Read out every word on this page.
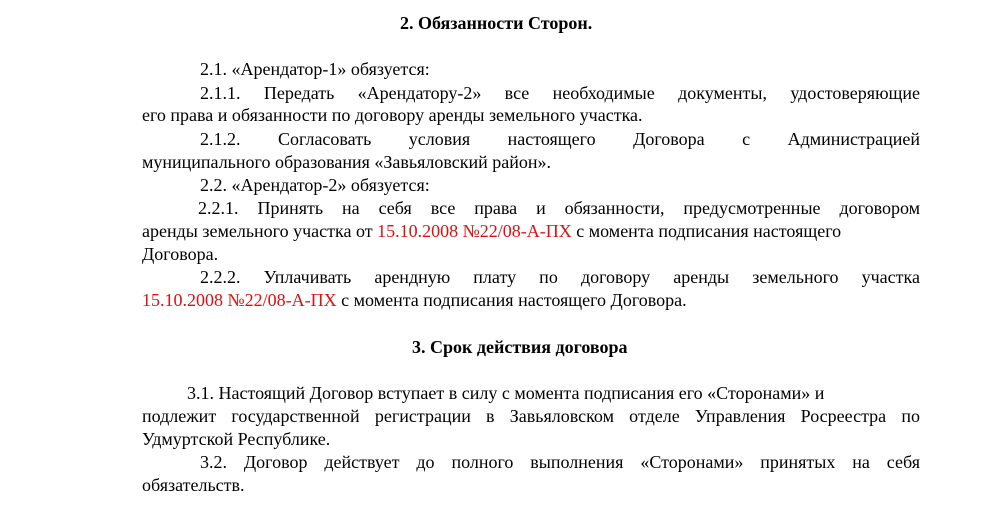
2. Обязанности Сторон.
2.1. «Арендатор-1» обязуется:
2.1.1. Передать «Арендатору-2» все необходимые документы, удостоверяющие
его права и обязанности по договору аренды земельного участка.
2.1.2. Согласовать условия настоящего Договора с Администрацией
муниципального образования «Завьяловский район».
2.2. «Арендатор-2» обязуется:
2.2.1. Принять на себя все права и обязанности, предусмотренные договором
аренды земельного участка от 15.10.2008 №22/08-А-ПХ с момента подписания настоящего
Договора.
2.2.2. Уплачивать арендную плату по договору аренды земельного участка
15.10.2008 №22/08-А-ПХ с момента подписания настоящего Договора.
3. Срок действия договора
3.1. Настоящий Договор вступает в силу с момента подписания его «Сторонами» и
подлежит государственной регистрации в Завьяловском отделе Управления Росреестра по
Удмуртской Республике.
3.2. Договор действует до полного выполнения «Сторонами» принятых на себя
обязательств.
